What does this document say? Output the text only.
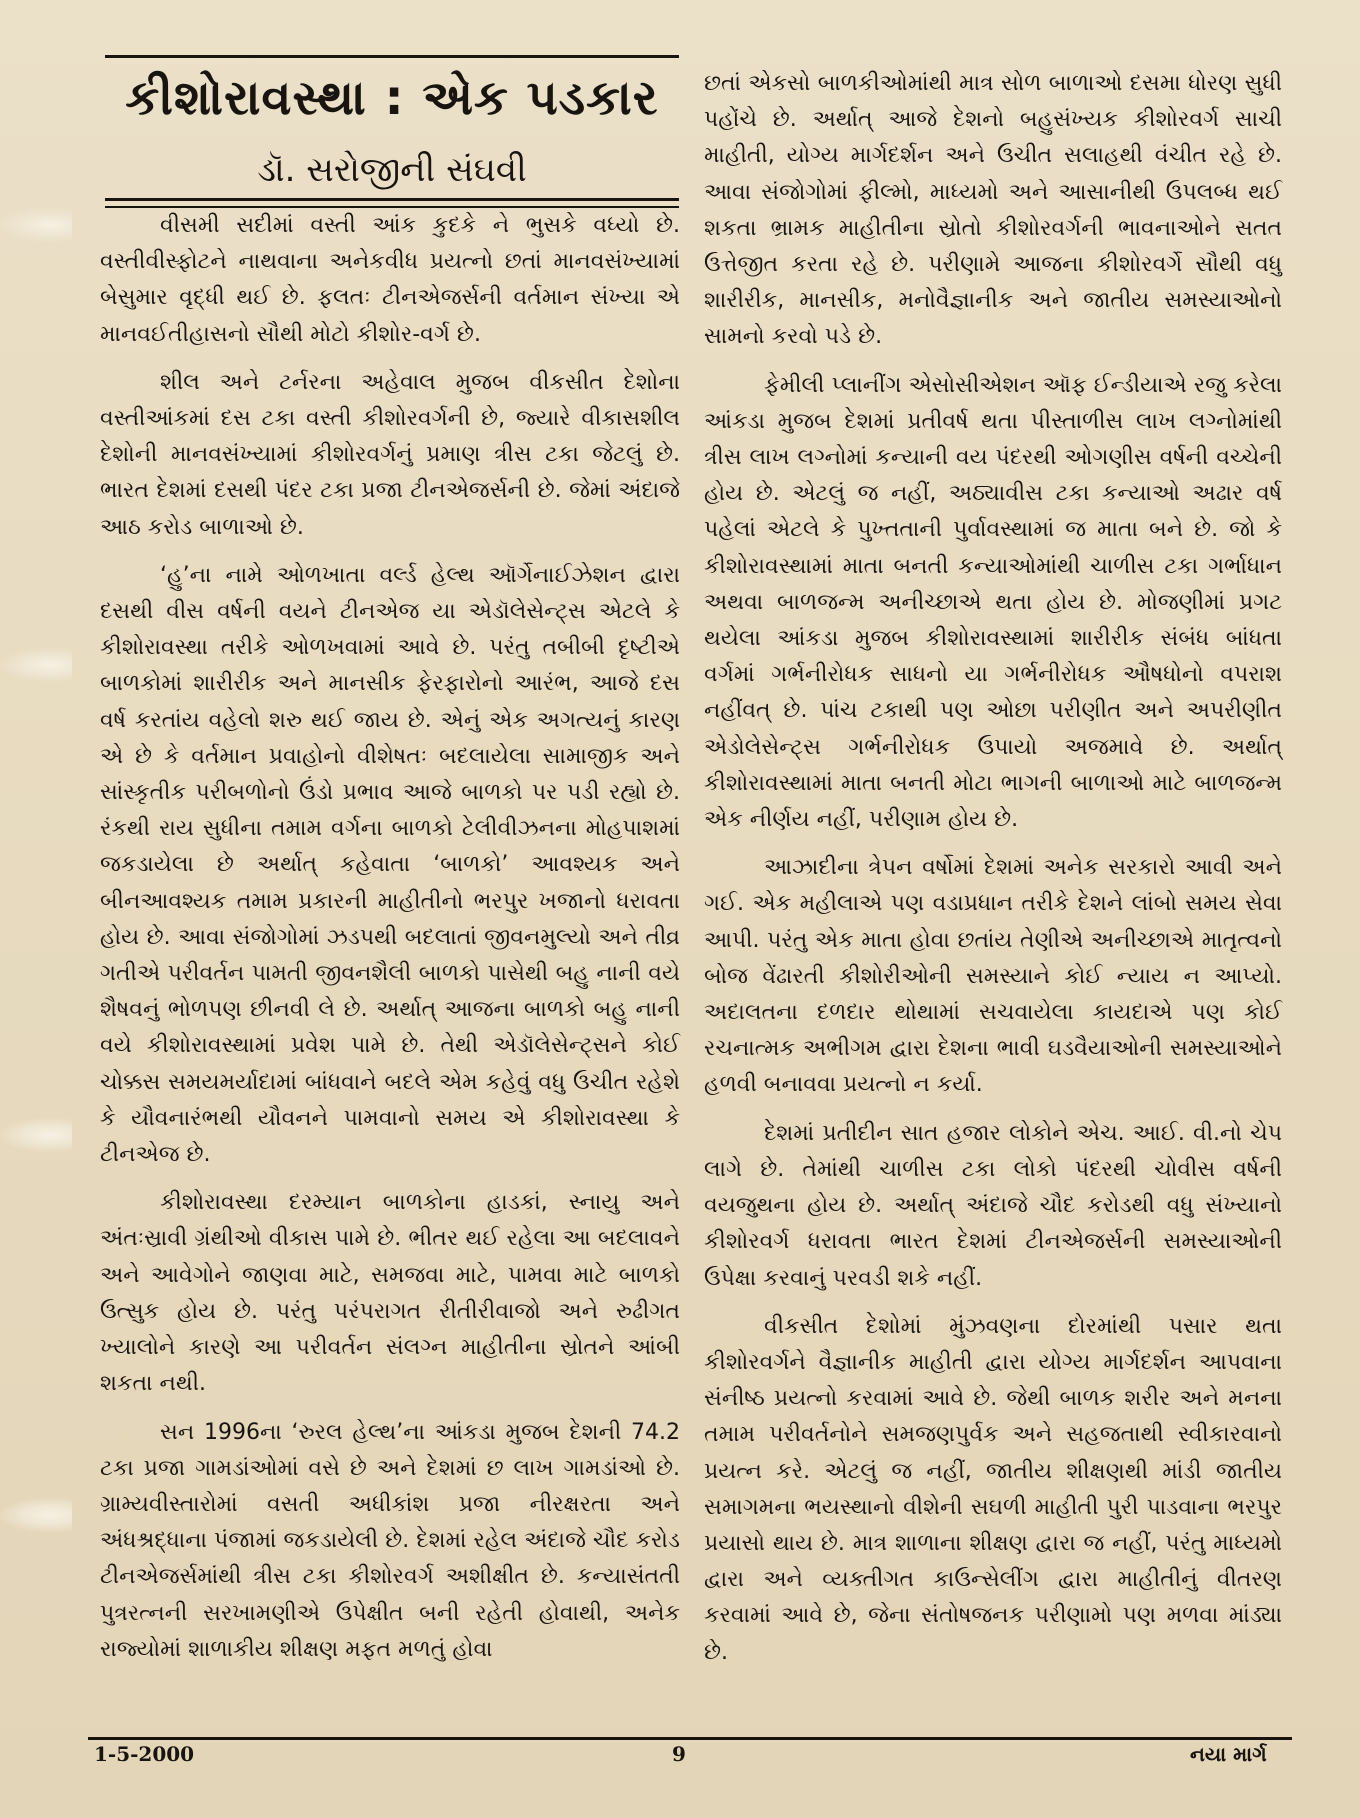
કીશોરાવસ્થા : એક પડકાર
ડૉ. સરોજીની સંઘવી

વીસમી સદીમાં વસ્તી આંક કુદકે ને ભુસકે વધ્યો છે. વસ્તીવીસ્ફોટને નાથવાના અનેકવીધ પ્રયત્નો છતાં માનવસંખ્યામાં બેસુમાર વૃદ્ધી થઈ છે. ફલતઃ ટીનએજર્સની વર્તમાન સંખ્યા એ માનવઈતીહાસનો સૌથી મોટો કીશોર-વર્ગ છે.

શીલ અને ટર્નરના અહેવાલ મુજબ વીકસીત દેશોના વસ્તીઆંકમાં દસ ટકા વસ્તી કીશોરવર્ગની છે, જ્યારે વીકાસશીલ દેશોની માનવસંખ્યામાં કીશોરવર્ગનું પ્રમાણ ત્રીસ ટકા જેટલું છે. ભારત દેશમાં દસથી પંદર ટકા પ્રજા ટીનએજર્સની છે. જેમાં અંદાજે આઠ કરોડ બાળાઓ છે.

‘હુ’ના નામે ઓળખાતા વર્લ્ડ હેલ્થ ઑર્ગેનાઈઝેશન દ્વારા દસથી વીસ વર્ષની વયને ટીનએજ યા એડૉલેસેન્ટ્સ એટલે કે કીશોરાવસ્થા તરીકે ઓળખવામાં આવે છે. પરંતુ તબીબી દૃષ્ટીએ બાળકોમાં શારીરીક અને માનસીક ફેરફારોનો આરંભ, આજે દસ વર્ષ કરતાંય વહેલો શરુ થઈ જાય છે. એનું એક અગત્યનું કારણ એ છે કે વર્તમાન પ્રવાહોનો વીશેષતઃ બદલાયેલા સામાજીક અને સાંસ્કૃતીક પરીબળોનો ઉંડો પ્રભાવ આજે બાળકો પર પડી રહ્યો છે. રંકથી રાય સુધીના તમામ વર્ગના બાળકો ટેલીવીઝનના મોહપાશમાં જકડાયેલા છે અર્થાત્ કહેવાતા ‘બાળકો’ આવશ્યક અને બીનઆવશ્યક તમામ પ્રકારની માહીતીનો ભરપુર ખજાનો ધરાવતા હોય છે. આવા સંજોગોમાં ઝડપથી બદલાતાં જીવનમુલ્યો અને તીવ્ર ગતીએ પરીવર્તન પામતી જીવનશૈલી બાળકો પાસેથી બહુ નાની વયે શૈષવનું ભોળપણ છીનવી લે છે. અર્થાત્ આજના બાળકો બહુ નાની વયે કીશોરાવસ્થામાં પ્રવેશ પામે છે. તેથી એડૉલેસેન્ટ્સને કોઈ ચોક્કસ સમયમર્યાદામાં બાંધવાને બદલે એમ કહેવું વધુ ઉચીત રહેશે કે યૌવનારંભથી યૌવનને પામવાનો સમય એ કીશોરાવસ્થા કે ટીનએજ છે.

કીશોરાવસ્થા દરમ્યાન બાળકોના હાડકાં, સ્નાયુ અને અંતઃસ્રાવી ગ્રંથીઓ વીકાસ પામે છે. ભીતર થઈ રહેલા આ બદલાવને અને આવેગોને જાણવા માટે, સમજવા માટે, પામવા માટે બાળકો ઉત્સુક હોય છે. પરંતુ પરંપરાગત રીતીરીવાજો અને રુઢીગત ખ્યાલોને કારણે આ પરીવર્તન સંલગ્ન માહીતીના સ્રોતને આંબી શકતા નથી.

સન 1996ના ‘રુરલ હેલ્થ’ના આંકડા મુજબ દેશની 74.2 ટકા પ્રજા ગામડાંઓમાં વસે છે અને દેશમાં છ લાખ ગામડાંઓ છે. ગ્રામ્યવીસ્તારોમાં વસતી અધીકાંશ પ્રજા નીરક્ષરતા અને અંધશ્રદ્ધાના પંજામાં જકડાયેલી છે. દેશમાં રહેલ અંદાજે ચૌદ કરોડ ટીનએજર્સમાંથી ત્રીસ ટકા કીશોરવર્ગ અશીક્ષીત છે. કન્યાસંતતી પુત્રરત્નની સરખામણીએ ઉપેક્ષીત બની રહેતી હોવાથી, અનેક રાજ્યોમાં શાળાકીય શીક્ષણ મફત મળતું હોવા

છતાં એકસો બાળકીઓમાંથી માત્ર સોળ બાળાઓ દસમા ધોરણ સુધી પહોંચે છે. અર્થાત્ આજે દેશનો બહુસંખ્યક કીશોરવર્ગ સાચી માહીતી, યોગ્ય માર્ગદર્શન અને ઉચીત સલાહથી વંચીત રહે છે. આવા સંજોગોમાં ફીલ્મો, માધ્યમો અને આસાનીથી ઉપલબ્ધ થઈ શકતા ભ્રામક માહીતીના સ્રોતો કીશોરવર્ગની ભાવનાઓને સતત ઉત્તેજીત કરતા રહે છે. પરીણામે આજના કીશોરવર્ગે સૌથી વધુ શારીરીક, માનસીક, મનોવૈજ્ઞાનીક અને જાતીય સમસ્યાઓનો સામનો કરવો પડે છે.

ફેમીલી પ્લાનીંગ એસોસીએશન ઑફ ઈન્ડીયાએ રજુ કરેલા આંકડા મુજબ દેશમાં પ્રતીવર્ષ થતા પીસ્તાળીસ લાખ લગ્નોમાંથી ત્રીસ લાખ લગ્નોમાં કન્યાની વય પંદરથી ઓગણીસ વર્ષની વચ્ચેની હોય છે. એટલું જ નહીં, અઠ્યાવીસ ટકા કન્યાઓ અઢાર વર્ષ પહેલાં એટલે કે પુખ્તતાની પુર્વાવસ્થામાં જ માતા બને છે. જો કે કીશોરાવસ્થામાં માતા બનતી કન્યાઓમાંથી ચાળીસ ટકા ગર્ભાધાન અથવા બાળજન્મ અનીચ્છાએ થતા હોય છે. મોજણીમાં પ્રગટ થયેલા આંકડા મુજબ કીશોરાવસ્થામાં શારીરીક સંબંધ બાંધતા વર્ગમાં ગર્ભનીરોધક સાધનો યા ગર્ભનીરોધક ઔષધોનો વપરાશ નહીંવત્ છે. પાંચ ટકાથી પણ ઓછા પરીણીત અને અપરીણીત એડોલેસેન્ટ્સ ગર્ભનીરોધક ઉપાયો અજમાવે છે. અર્થાત્ કીશોરાવસ્થામાં માતા બનતી મોટા ભાગની બાળાઓ માટે બાળજન્મ એક નીર્ણય નહીં, પરીણામ હોય છે.

આઝાદીના ત્રેપન વર્ષોમાં દેશમાં અનેક સરકારો આવી અને ગઈ. એક મહીલાએ પણ વડાપ્રધાન તરીકે દેશને લાંબો સમય સેવા આપી. પરંતુ એક માતા હોવા છતાંય તેણીએ અનીચ્છાએ માતૃત્વનો બોજ વેંઢારતી કીશોરીઓની સમસ્યાને કોઈ ન્યાય ન આપ્યો. અદાલતના દળદાર થોથામાં સચવાયેલા કાયદાએ પણ કોઈ રચનાત્મક અભીગમ દ્વારા દેશના ભાવી ઘડવૈયાઓની સમસ્યાઓને હળવી બનાવવા પ્રયત્નો ન કર્યા.

દેશમાં પ્રતીદીન સાત હજાર લોકોને એચ. આઈ. વી.નો ચેપ લાગે છે. તેમાંથી ચાળીસ ટકા લોકો પંદરથી ચોવીસ વર્ષની વયજુથના હોય છે. અર્થાત્ અંદાજે ચૌદ કરોડથી વધુ સંખ્યાનો કીશોરવર્ગ ધરાવતા ભારત દેશમાં ટીનએજર્સની સમસ્યાઓની ઉપેક્ષા કરવાનું પરવડી શકે નહીં.

વીકસીત દેશોમાં મુંઝવણના દોરમાંથી પસાર થતા કીશોરવર્ગને વૈજ્ઞાનીક માહીતી દ્વારા યોગ્ય માર્ગદર્શન આપવાના સંનીષ્ઠ પ્રયત્નો કરવામાં આવે છે. જેથી બાળક શરીર અને મનના તમામ પરીવર્તનોને સમજણપુર્વક અને સહજતાથી સ્વીકારવાનો પ્રયત્ન કરે. એટલું જ નહીં, જાતીય શીક્ષણથી માંડી જાતીય સમાગમના ભયસ્થાનો વીશેની સઘળી માહીતી પુરી પાડવાના ભરપુર પ્રયાસો થાય છે. માત્ર શાળાના શીક્ષણ દ્વારા જ નહીં, પરંતુ માધ્યમો દ્વારા અને વ્યક્તીગત કાઉન્સેલીંગ દ્વારા માહીતીનું વીતરણ કરવામાં આવે છે, જેના સંતોષજનક પરીણામો પણ મળવા માંડ્યા છે.

1-5-2000	9	નયા માર્ગ
